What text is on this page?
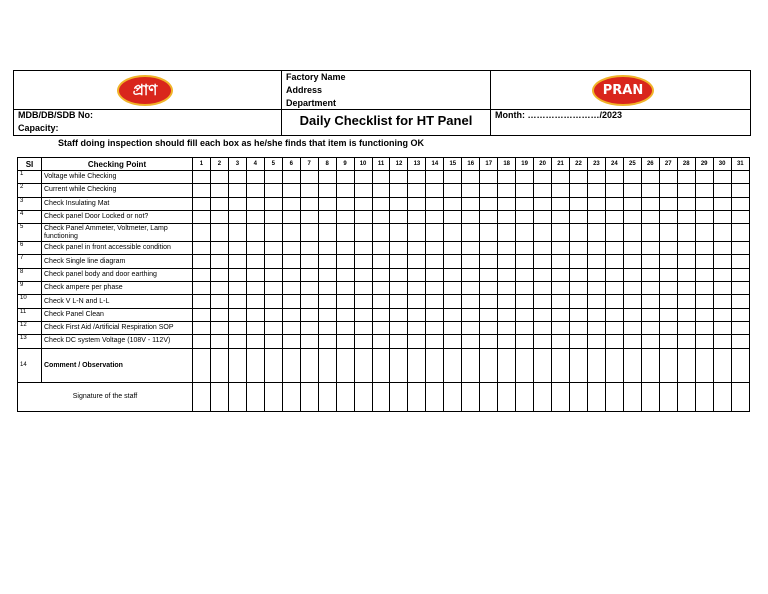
প্রাণ
Factory Name
Address
Department
PRAN
MDB/DB/SDB No:
Capacity:	Daily Checklist for HT Panel	Month: ……………………/2023
Staff doing inspection should fill each box as he/she finds that item is functioning OK
SI	Checking Point	1	2	3	4	5	6	7	8	9	10	11	12	13	14	15	16	17	18	19	20	21	22	23	24	25	26	27	28	29	30	31
1	Voltage while Checking																															
2	Current while Checking																															
3	Check Insulating Mat																															
4	Check panel Door Locked or not?																															
5	Check Panel Ammeter, Voltmeter, Lamp functioning																															
6	Check panel in front accessible condition																															
7	Check Single line diagram																															
8	Check panel body and door earthing																															
9	Check ampere per phase																															
10	Check V L-N and L-L																															
11	Check Panel Clean																															
12	Check First Aid /Artificial Respiration SOP																															
13	Check DC system Voltage (108V - 112V)																															
14	Comment / Observation																															
Signature of the staff																																
